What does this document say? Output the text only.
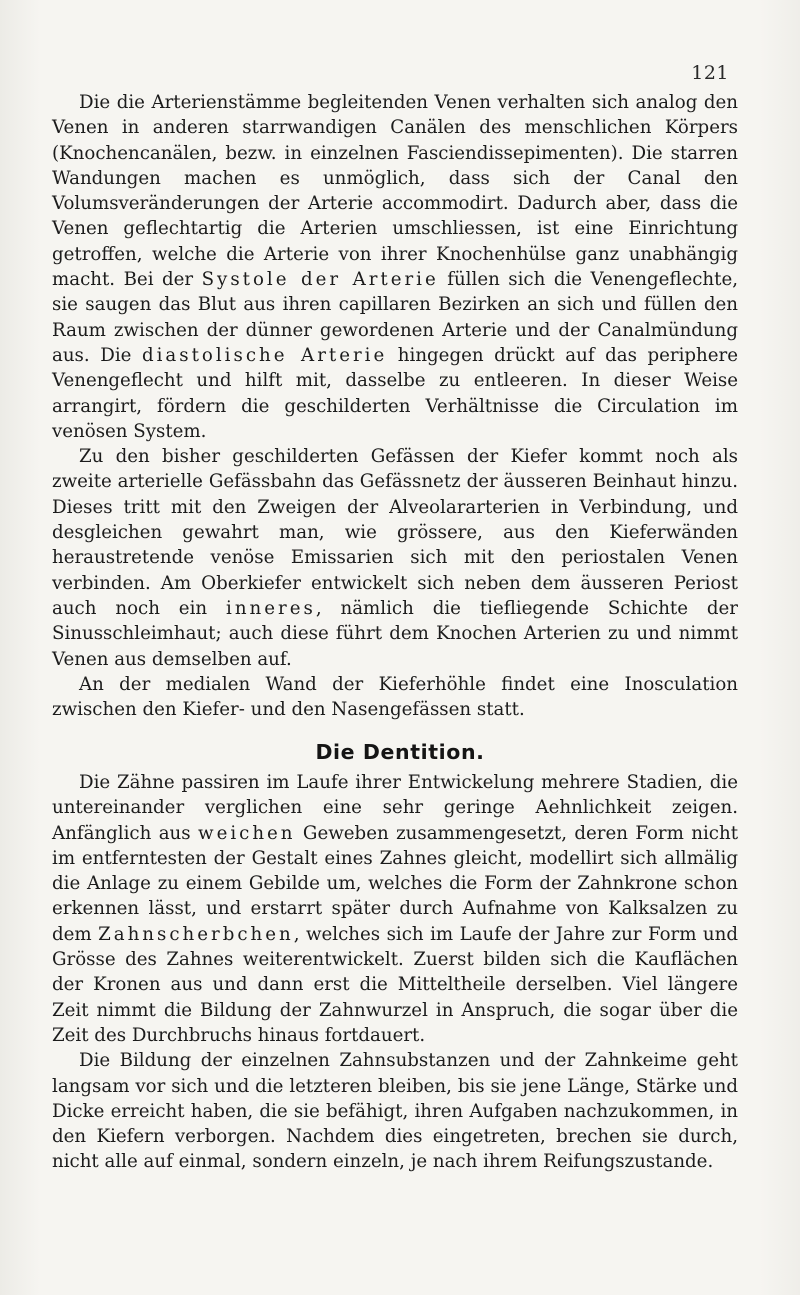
121

Die die Arterienstämme begleitenden Venen verhalten sich analog den Venen in anderen starrwandigen Canälen des menschlichen Körpers (Knochencanälen, bezw. in einzelnen Fasciendissepimenten). Die starren Wandungen machen es unmöglich, dass sich der Canal den Volumsveränderungen der Arterie accommodirt. Dadurch aber, dass die Venen geflechtartig die Arterien umschliessen, ist eine Einrichtung getroffen, welche die Arterie von ihrer Knochenhülse ganz unabhängig macht. Bei der Systole der Arterie füllen sich die Venengeflechte, sie saugen das Blut aus ihren capillaren Bezirken an sich und füllen den Raum zwischen der dünner gewordenen Arterie und der Canalmündung aus. Die diastolische Arterie hingegen drückt auf das periphere Venengeflecht und hilft mit, dasselbe zu entleeren. In dieser Weise arrangirt, fördern die geschilderten Verhältnisse die Circulation im venösen System.

Zu den bisher geschilderten Gefässen der Kiefer kommt noch als zweite arterielle Gefässbahn das Gefässnetz der äusseren Beinhaut hinzu. Dieses tritt mit den Zweigen der Alveolararterien in Verbindung, und desgleichen gewahrt man, wie grössere, aus den Kieferwänden heraustretende venöse Emissarien sich mit den periostalen Venen verbinden. Am Oberkiefer entwickelt sich neben dem äusseren Periost auch noch ein inneres, nämlich die tiefliegende Schichte der Sinusschleimhaut; auch diese führt dem Knochen Arterien zu und nimmt Venen aus demselben auf.

An der medialen Wand der Kieferhöhle findet eine Inosculation zwischen den Kiefer- und den Nasengefässen statt.

Die Dentition.

Die Zähne passiren im Laufe ihrer Entwickelung mehrere Stadien, die untereinander verglichen eine sehr geringe Aehnlichkeit zeigen. Anfänglich aus weichen Geweben zusammengesetzt, deren Form nicht im entferntesten der Gestalt eines Zahnes gleicht, modellirt sich allmälig die Anlage zu einem Gebilde um, welches die Form der Zahnkrone schon erkennen lässt, und erstarrt später durch Aufnahme von Kalksalzen zu dem Zahnscherbchen, welches sich im Laufe der Jahre zur Form und Grösse des Zahnes weiterentwickelt. Zuerst bilden sich die Kauflächen der Kronen aus und dann erst die Mitteltheile derselben. Viel längere Zeit nimmt die Bildung der Zahnwurzel in Anspruch, die sogar über die Zeit des Durchbruchs hinaus fortdauert.

Die Bildung der einzelnen Zahnsubstanzen und der Zahnkeime geht langsam vor sich und die letzteren bleiben, bis sie jene Länge, Stärke und Dicke erreicht haben, die sie befähigt, ihren Aufgaben nachzukommen, in den Kiefern verborgen. Nachdem dies eingetreten, brechen sie durch, nicht alle auf einmal, sondern einzeln, je nach ihrem Reifungszustande.
